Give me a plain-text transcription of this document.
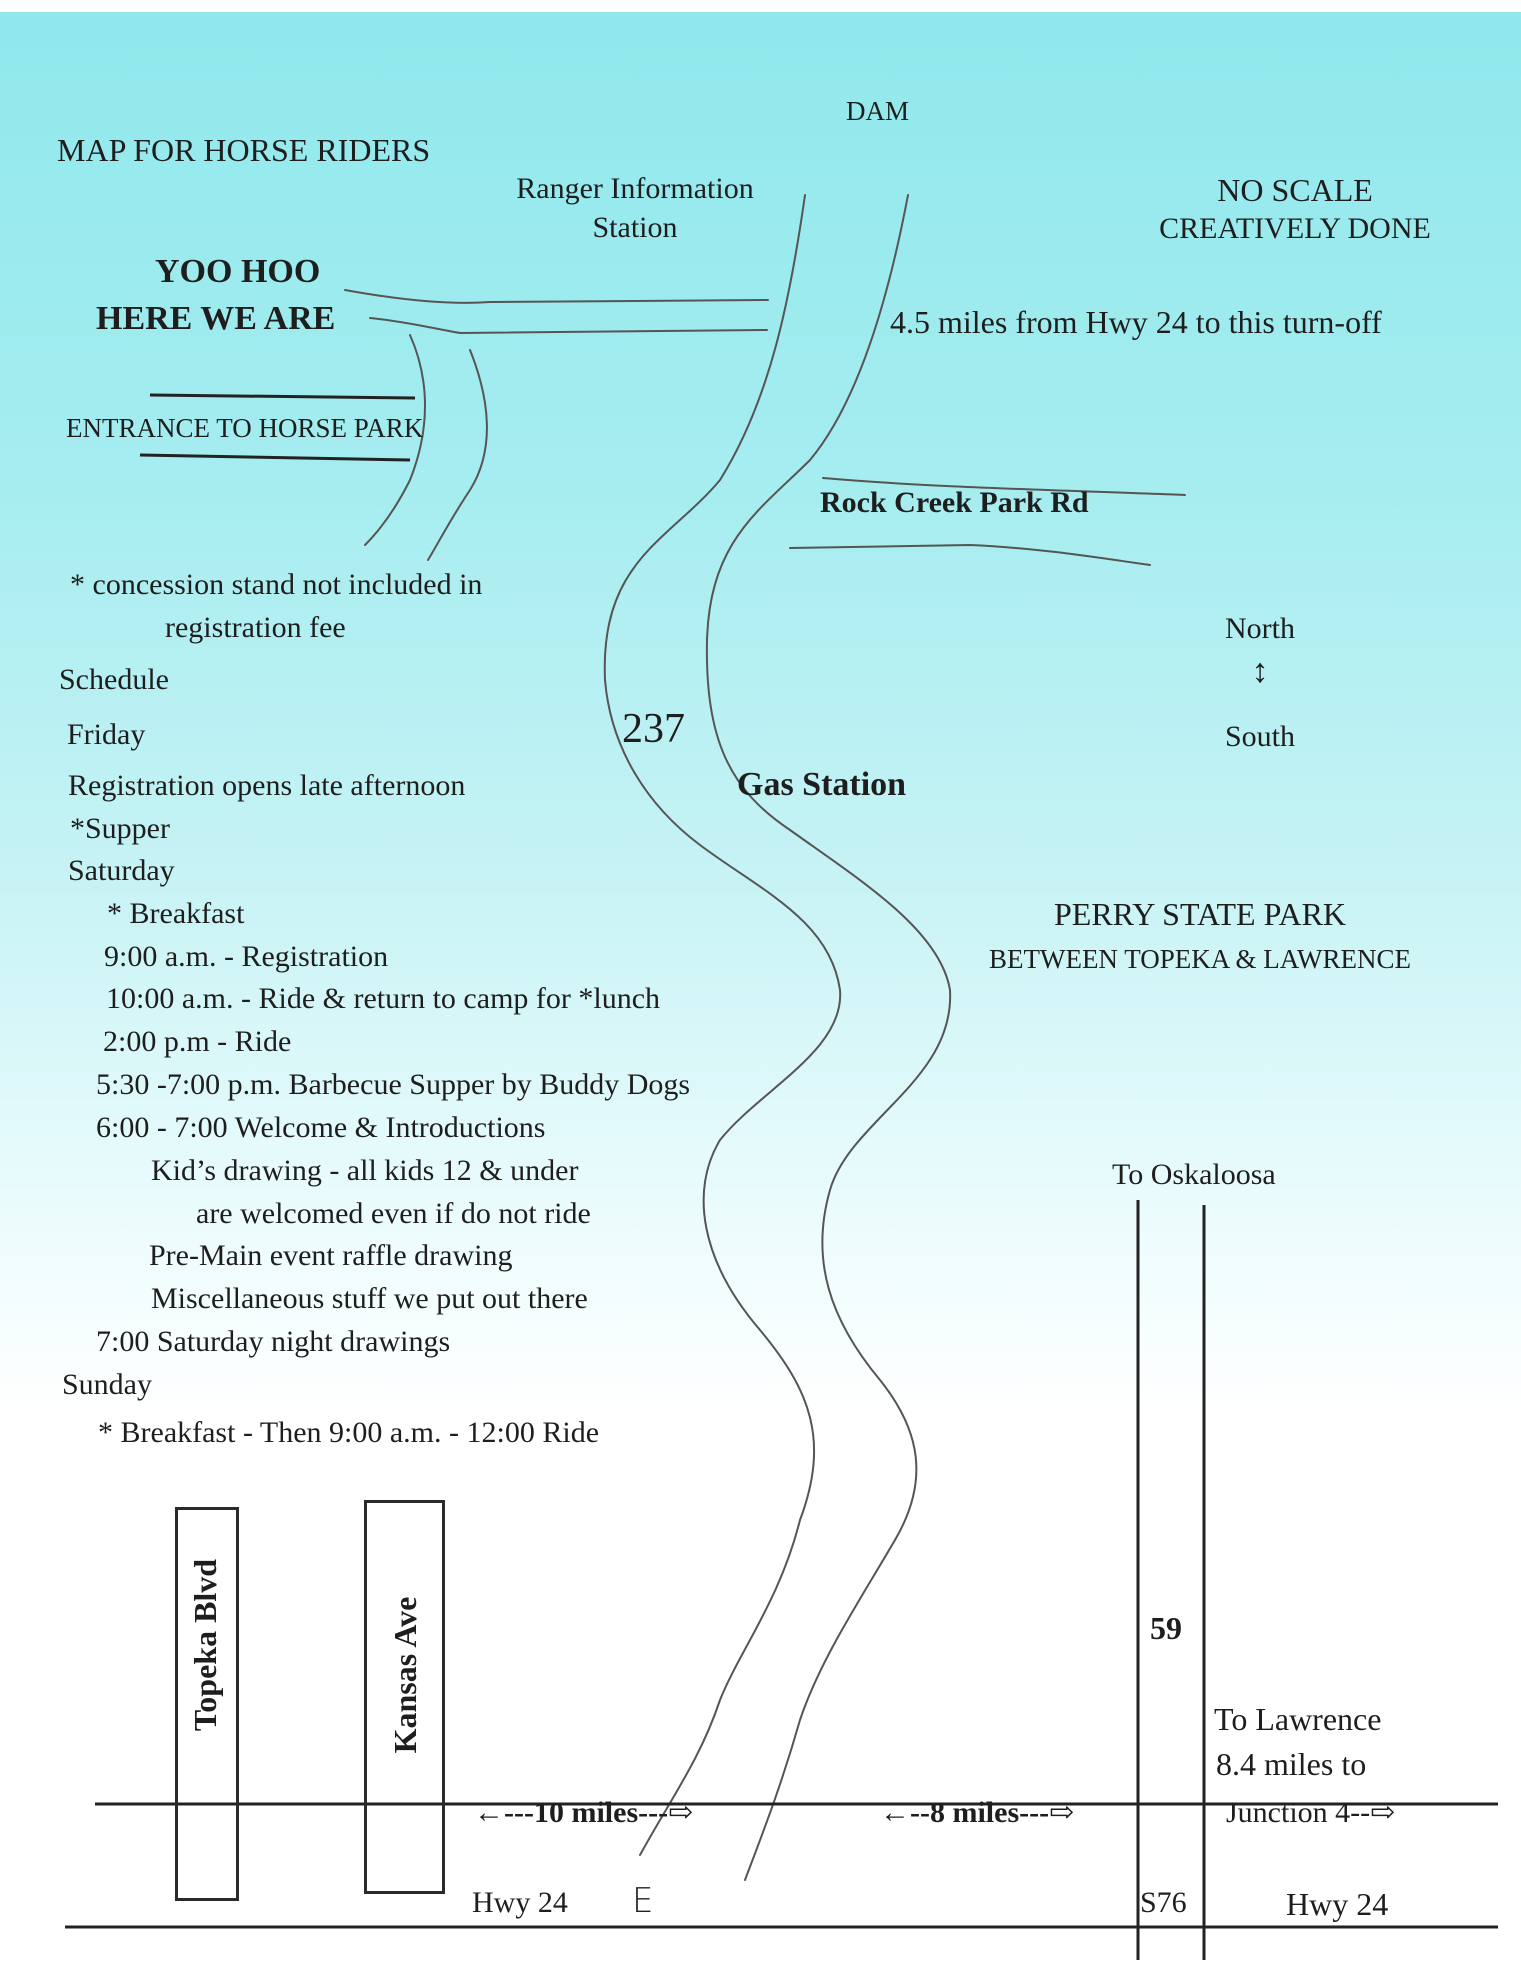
DAM
MAP FOR HORSE RIDERS
Ranger Information
Station
NO SCALE
CREATIVELY DONE
YOO HOO
HERE WE ARE	4.5 miles from Hwy 24 to this turn-off
ENTRANCE TO HORSE PARK
Rock Creek Park Rd
* concession stand not included in
registration fee	North
↕
South
237
Gas Station
PERRY STATE PARK
BETWEEN TOPEKA & LAWRENCE
Schedule
Friday
Registration opens late afternoon
*Supper
Saturday
* Breakfast
9:00 a.m. - Registration
10:00 a.m. - Ride & return to camp for *lunch
2:00 p.m - Ride
5:30 -7:00 p.m. Barbecue Supper by Buddy Dogs
6:00 - 7:00 Welcome & Introductions
Kid’s drawing - all kids 12 & under
are welcomed even if do not ride
Pre-Main event raffle drawing
Miscellaneous stuff we put out there
7:00 Saturday night drawings
Sunday
* Breakfast - Then 9:00 a.m. - 12:00 Ride
To Oskaloosa
59
To Lawrence
8.4 miles to
Junction 4--⇨
←---10 miles---⇨	←--8 miles---⇨
Hwy 24 E	S76	Hwy 24
Topeka Blvd	Kansas Ave
